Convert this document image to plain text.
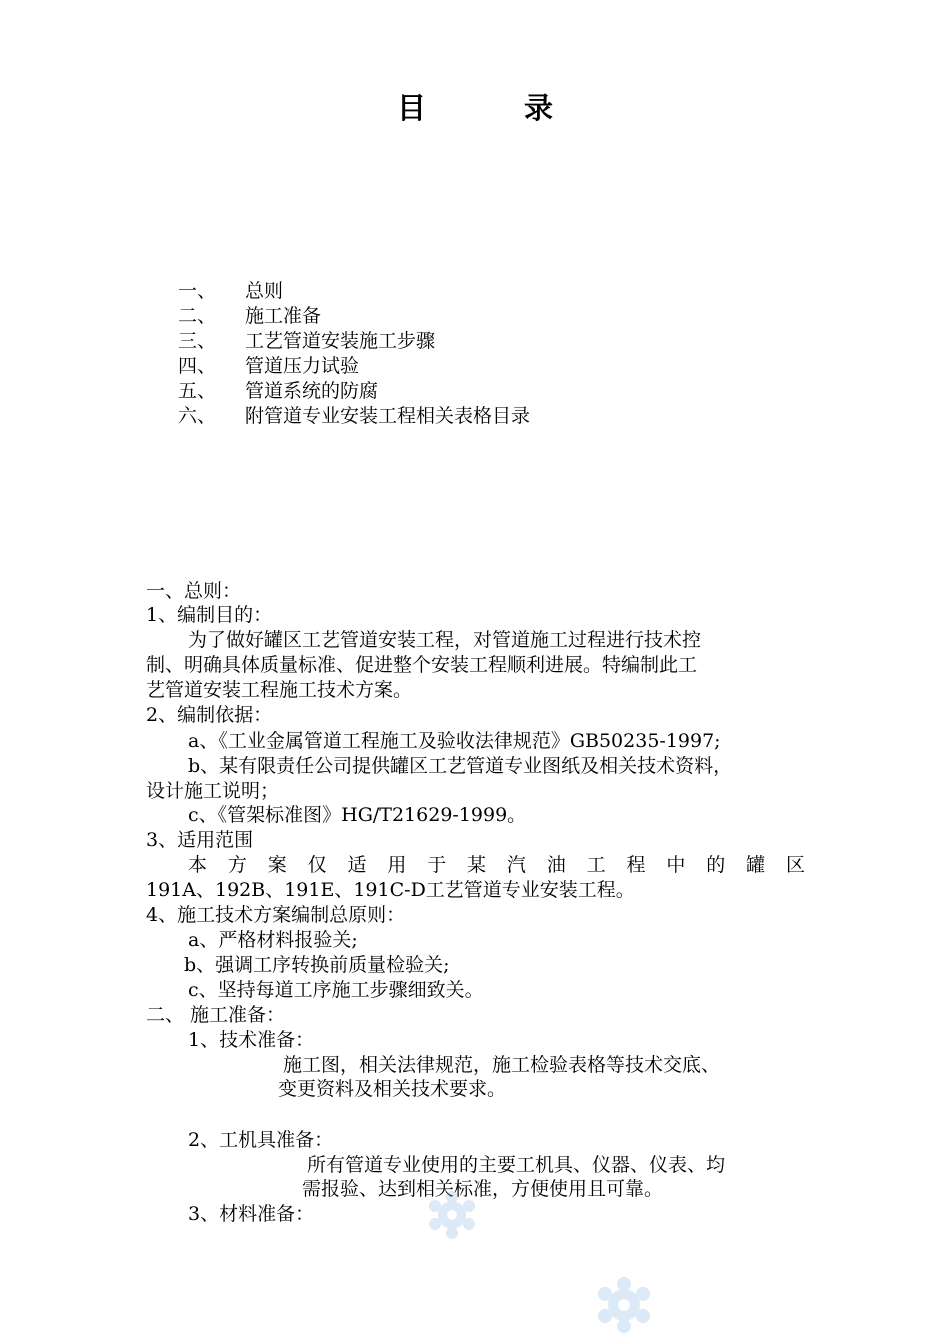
目 录
一、 总则
二、 施工准备
三、 工艺管道安装施工步骤
四、 管道压力试验
五、 管道系统的防腐
六、 附管道专业安装工程相关表格目录
一、总则：
1、编制目的：
为了做好罐区工艺管道安装工程，对管道施工过程进行技术控
制、明确具体质量标准、促进整个安装工程顺利进展。特编制此工
艺管道安装工程施工技术方案。
2、编制依据：
a、《工业金属管道工程施工及验收法律规范》GB50235-1997;
b、某有限责任公司提供罐区工艺管道专业图纸及相关技术资料，
设计施工说明；
c、《管架标准图》HG/T21629-1999。
3、适用范围
本方案仅适用于某汽油工程中的罐区
191A、192B、191E、191C-D工艺管道专业安装工程。
4、施工技术方案编制总原则：
a、严格材料报验关;
b、强调工序转换前质量检验关;
c、坚持每道工序施工步骤细致关。
二、 施工准备：
1、技术准备：
施工图，相关法律规范，施工检验表格等技术交底、
变更资料及相关技术要求。
2、工机具准备：
所有管道专业使用的主要工机具、仪器、仪表、均
需报验、达到相关标准，方便使用且可靠。
3、材料准备：
